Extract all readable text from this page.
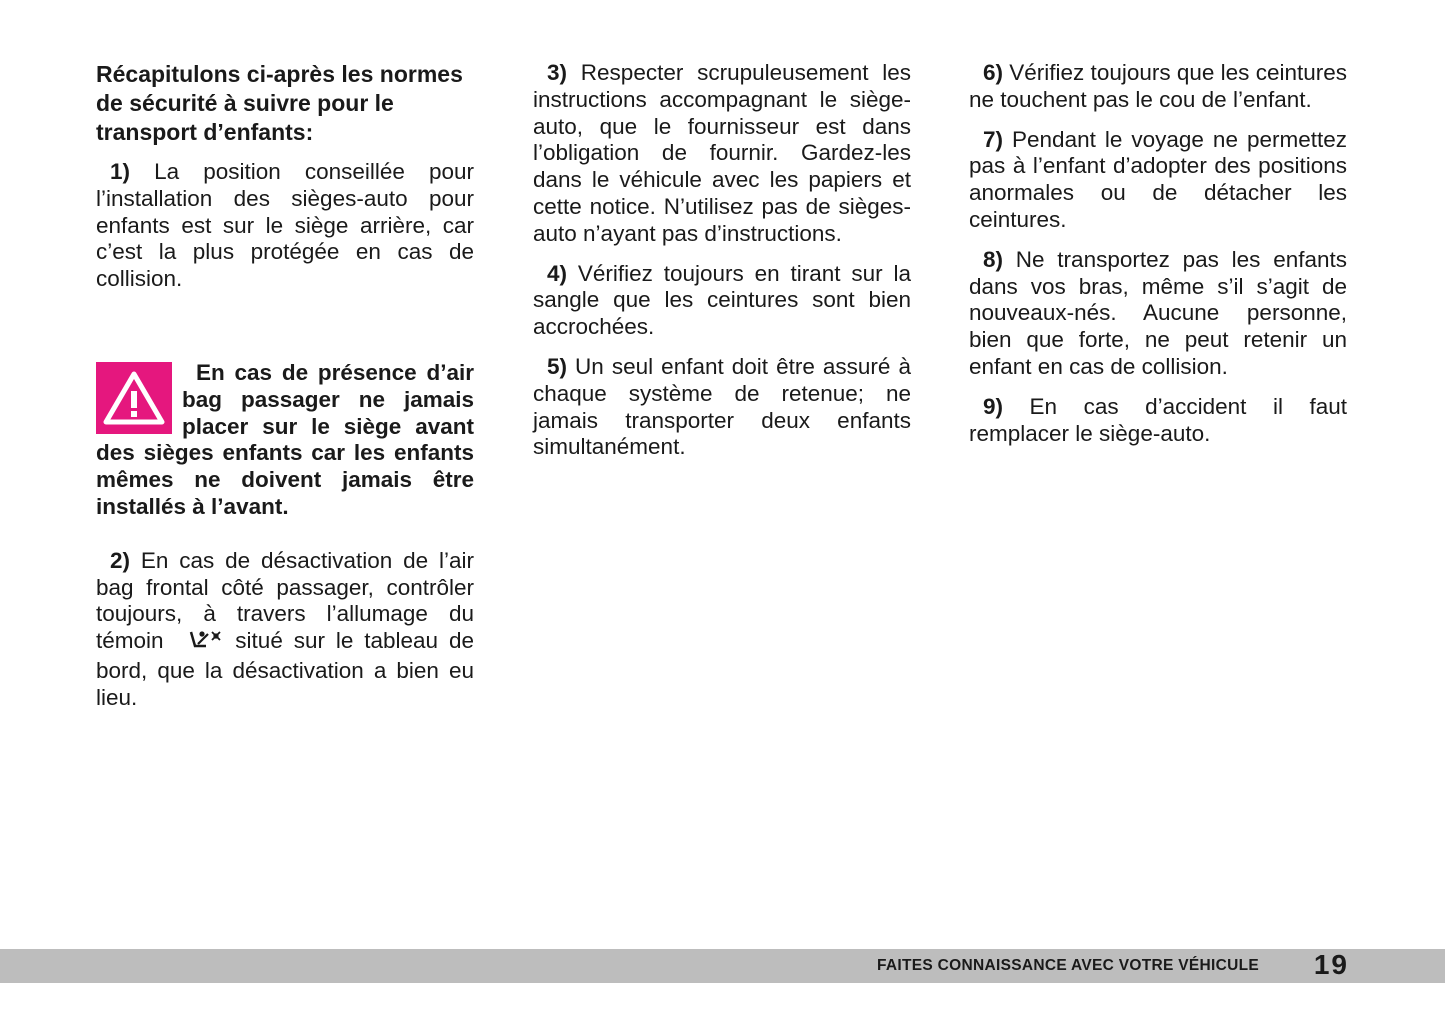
Récapitulons ci-après les normes de sécurité à suivre pour le transport d’enfants:

1) La position conseillée pour l’installation des sièges-auto pour enfants est sur le siège arrière, car c’est la plus protégée en cas de collision.

En cas de présence d’air bag passager ne jamais placer sur le siège avant des sièges enfants car les enfants mêmes ne doivent jamais être installés à l’avant.

2) En cas de désactivation de l’air bag frontal côté passager, contrôler toujours, à travers l’allumage du témoin  situé sur le tableau de bord, que la désactivation a bien eu lieu.

3) Respecter scrupuleusement les instructions accompagnant le siège-auto, que le fournisseur est dans l’obligation de fournir. Gardez-les dans le véhicule avec les papiers et cette notice. N’utilisez pas de sièges-auto n’ayant pas d’instructions.

4) Vérifiez toujours en tirant sur la sangle que les ceintures sont bien accrochées.

5) Un seul enfant doit être assuré à chaque système de retenue; ne jamais transporter deux enfants simultanément.

6) Vérifiez toujours que les ceintures ne touchent pas le cou de l’enfant.

7) Pendant le voyage ne permettez pas à l’enfant d’adopter des positions anormales ou de détacher les ceintures.

8) Ne transportez pas les enfants dans vos bras, même s’il s’agit de nouveaux-nés. Aucune personne, bien que forte, ne peut retenir un enfant en cas de collision.

9) En cas d’accident il faut remplacer le siège-auto.

FAITES CONNAISSANCE AVEC VOTRE VÉHICULE 19
